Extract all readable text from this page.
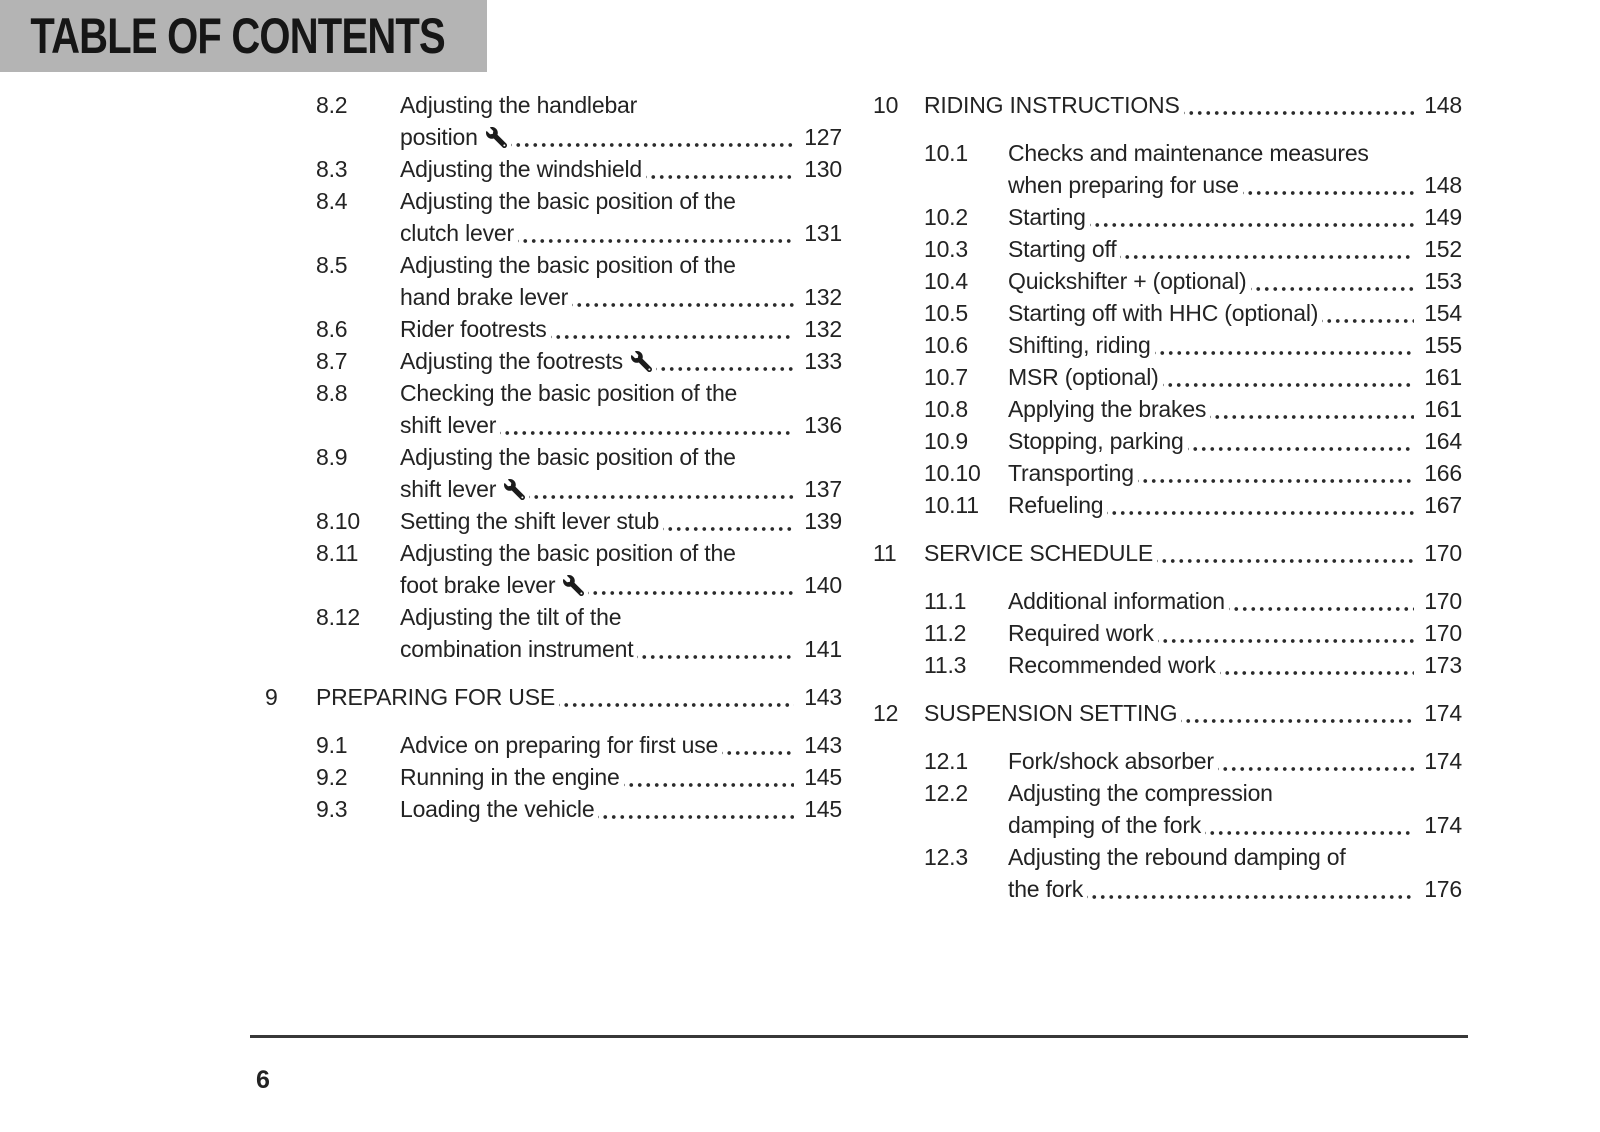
TABLE OF CONTENTS
8.2	Adjusting the handlebar
position	127
8.3	Adjusting the windshield	130
8.4	Adjusting the basic position of the
clutch lever	131
8.5	Adjusting the basic position of the
hand brake lever	132
8.6	Rider footrests	132
8.7	Adjusting the footrests	133
8.8	Checking the basic position of the
shift lever	136
8.9	Adjusting the basic position of the
shift lever	137
8.10	Setting the shift lever stub	139
8.11	Adjusting the basic position of the
foot brake lever	140
8.12	Adjusting the tilt of the
combination instrument	141
9	PREPARING FOR USE	143
9.1	Advice on preparing for first use	143
9.2	Running in the engine	145
9.3	Loading the vehicle	145
10	RIDING INSTRUCTIONS	148
10.1	Checks and maintenance measures
when preparing for use	148
10.2	Starting	149
10.3	Starting off	152
10.4	Quickshifter + (optional)	153
10.5	Starting off with HHC (optional)	154
10.6	Shifting, riding	155
10.7	MSR (optional)	161
10.8	Applying the brakes	161
10.9	Stopping, parking	164
10.10	Transporting	166
10.11	Refueling	167
11	SERVICE SCHEDULE	170
11.1	Additional information	170
11.2	Required work	170
11.3	Recommended work	173
12	SUSPENSION SETTING	174
12.1	Fork/shock absorber	174
12.2	Adjusting the compression
damping of the fork	174
12.3	Adjusting the rebound damping of
the fork	176
6
